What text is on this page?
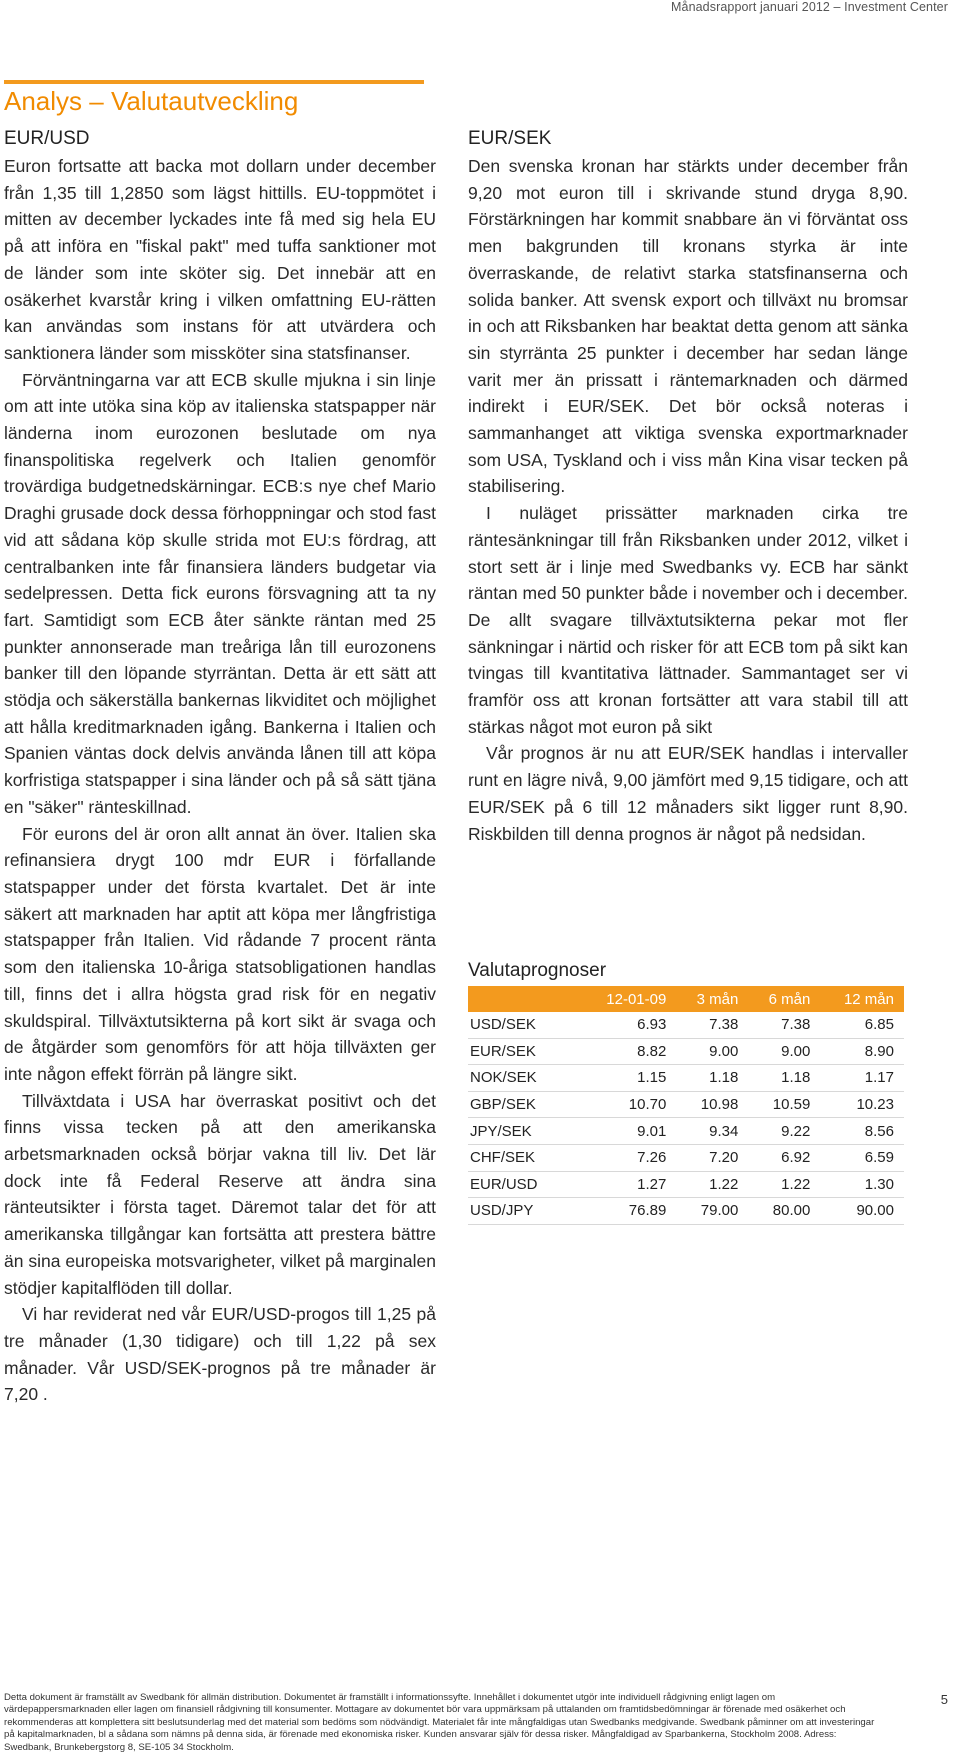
Månadsrapport januari 2012 – Investment Center
Analys – Valutautveckling
EUR/USD

Euron fortsatte att backa mot dollarn under december från 1,35 till 1,2850 som lägst hittills. EU-toppmötet i mitten av december lyckades inte få med sig hela EU på att införa en "fiskal pakt" med tuffa sanktioner mot de länder som inte sköter sig. Det innebär att en osäkerhet kvarstår kring i vilken omfattning EU-rätten kan användas som instans för att utvärdera och sanktionera länder som missköter sina statsfinanser.

Förväntningarna var att ECB skulle mjukna i sin linje om att inte utöka sina köp av italienska statspapper när länderna inom eurozonen beslutade om nya finanspolitiska regelverk och Italien genomför trovärdiga budgetnedskärningar. ECB:s nye chef Mario Draghi grusade dock dessa förhoppningar och stod fast vid att sådana köp skulle strida mot EU:s fördrag, att centralbanken inte får finansiera länders budgetar via sedelpressen. Detta fick eurons försvagning att ta ny fart. Samtidigt som ECB åter sänkte räntan med 25 punkter annonserade man treåriga lån till eurozonens banker till den löpande styrräntan. Detta är ett sätt att stödja och säkerställa bankernas likviditet och möjlighet att hålla kreditmarknaden igång. Bankerna i Italien och Spanien väntas dock delvis använda lånen till att köpa korfristiga statspapper i sina länder och på så sätt tjäna en "säker" ränteskillnad.

För eurons del är oron allt annat än över. Italien ska refinansiera drygt 100 mdr EUR i förfallande statspapper under det första kvartalet. Det är inte säkert att marknaden har aptit att köpa mer långfristiga statspapper från Italien. Vid rådande 7 procent ränta som den italienska 10-åriga statsobligationen handlas till, finns det i allra högsta grad risk för en negativ skuldspiral. Tillväxtutsikterna på kort sikt är svaga och de åtgärder som genomförs för att höja tillväxten ger inte någon effekt förrän på längre sikt.

Tillväxtdata i USA har överraskat positivt och det finns vissa tecken på att den amerikanska arbetsmarknaden också börjar vakna till liv. Det lär dock inte få Federal Reserve att ändra sina ränteutsikter i första taget. Däremot talar det för att amerikanska tillgångar kan fortsätta att prestera bättre än sina europeiska motsvarigheter, vilket på marginalen stödjer kapitalflöden till dollar.

Vi har reviderat ned vår EUR/USD-progos till 1,25 på tre månader (1,30 tidigare) och till 1,22 på sex månader. Vår USD/SEK-prognos på tre månader är 7,20 .

EUR/SEK

Den svenska kronan har stärkts under december från 9,20 mot euron till i skrivande stund dryga 8,90. Förstärkningen har kommit snabbare än vi förväntat oss men bakgrunden till kronans styrka är inte överraskande, de relativt starka statsfinanserna och solida banker. Att svensk export och tillväxt nu bromsar in och att Riksbanken har beaktat detta genom att sänka sin styrränta 25 punkter i december har sedan länge varit mer än prissatt i räntemarknaden och därmed indirekt i EUR/SEK. Det bör också noteras i sammanhanget att viktiga svenska exportmarknader som USA, Tyskland och i viss mån Kina visar tecken på stabilisering.

I nuläget prissätter marknaden cirka tre räntesänkningar till från Riksbanken under 2012, vilket i stort sett är i linje med Swedbanks vy. ECB har sänkt räntan med 50 punkter både i november och i december. De allt svagare tillväxtutsikterna pekar mot fler sänkningar i närtid och risker för att ECB tom på sikt kan tvingas till kvantitativa lättnader. Sammantaget ser vi framför oss att kronan fortsätter att vara stabil till att stärkas något mot euron på sikt

Vår prognos är nu att EUR/SEK handlas i intervaller runt en lägre nivå, 9,00 jämfört med 9,15 tidigare, och att EUR/SEK på 6 till 12 månaders sikt ligger runt 8,90. Riskbilden till denna prognos är något på nedsidan.

Valutaprognoser
	12-01-09	3 mån	6 mån	12 mån
USD/SEK	6.93	7.38	7.38	6.85
EUR/SEK	8.82	9.00	9.00	8.90
NOK/SEK	1.15	1.18	1.18	1.17
GBP/SEK	10.70	10.98	10.59	10.23
JPY/SEK	9.01	9.34	9.22	8.56
CHF/SEK	7.26	7.20	6.92	6.59
EUR/USD	1.27	1.22	1.22	1.30
USD/JPY	76.89	79.00	80.00	90.00
Detta dokument är framställt av Swedbank för allmän distribution. Dokumentet är framställt i informationssyfte. Innehållet i dokumentet utgör inte individuell rådgivning enligt lagen om värdepappersmarknaden eller lagen om finansiell rådgivning till konsumenter. Mottagare av dokumentet bör vara uppmärksam på uttalanden om framtidsbedömningar är förenade med osäkerhet och rekommenderas att komplettera sitt beslutsunderlag med det material som bedöms som nödvändigt. Materialet får inte mångfaldigas utan Swedbanks medgivande. Swedbank påminner om att investeringar på kapitalmarknaden, bl a sådana som nämns på denna sida, är förenade med ekonomiska risker. Kunden ansvarar själv för dessa risker. Mångfaldigad av Sparbankerna, Stockholm 2008. Adress: Swedbank, Brunkebergstorg 8, SE-105 34 Stockholm.
5
